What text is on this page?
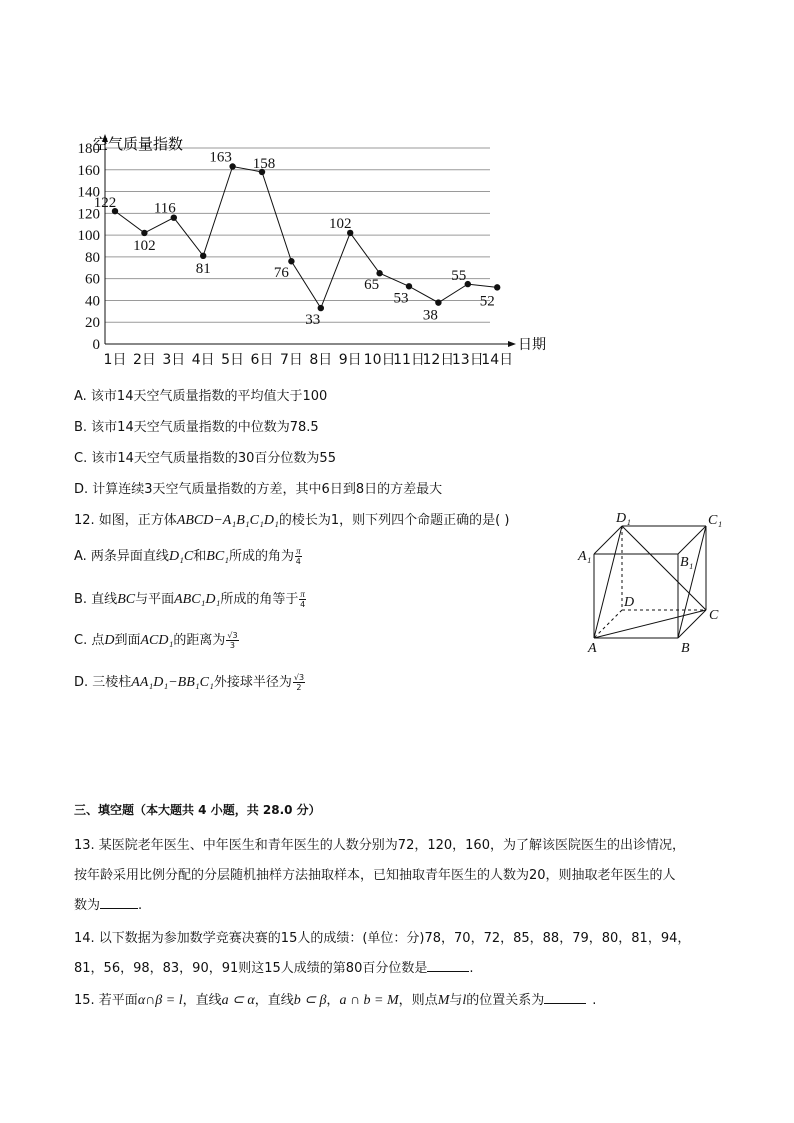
0
20
40
60
80
100
120
140
160
180
1日 2日 3日 4日 5日 6日 7日 8日 9日 10日
11日
12日
13日
14日
122
102
116
81
163 158
76
33
102
65
53
38
55
52
空气质量指数
日期
A. 该市14天空气质量指数的平均值大于100
B. 该市14天空气质量指数的中位数为78.5
C. 该市14天空气质量指数的30百分位数为55
D. 计算连续3天空气质量指数的方差，其中6日到8日的方差最大
12. 如图，正方体ABCD−A₁B₁C₁D₁的棱长为1，则下列四个命题正确的是( )
A. 两条异面直线D₁C和BC₁所成的角为 $\frac{\pi}{4}$
B. 直线BC与平面ABC₁D₁所成的角等于 $\frac{\pi}{4}$
C. 点D到面ACD₁的距离为 $\frac{√3}{3}$
D. 三棱柱AA₁D₁−BB₁C₁外接球半径为 $\frac{√3}{2}$
D₁	C₁
A₁	B₁
D
C
A	B
三、填空题（本大题共 4 小题，共 28.0 分）
13. 某医院老年医生、中年医生和青年医生的人数分别为72，120，160，为了解该医院医生的出诊情况，
按年龄采用比例分配的分层随机抽样方法抽取样本，已知抽取青年医生的人数为20，则抽取老年医生的人
数为	.
14. 以下数据为参加数学竞赛决赛的15人的成绩：(单位：分)78，70，72，85，88，79，80，81，94，
81，56，98，83，90，91则这15人成绩的第80百分位数是	.
15. 若平面α∩β = l，直线a ⊂ α，直线b ⊂ β，a ∩ b = M，则点M与l的位置关系为	.
